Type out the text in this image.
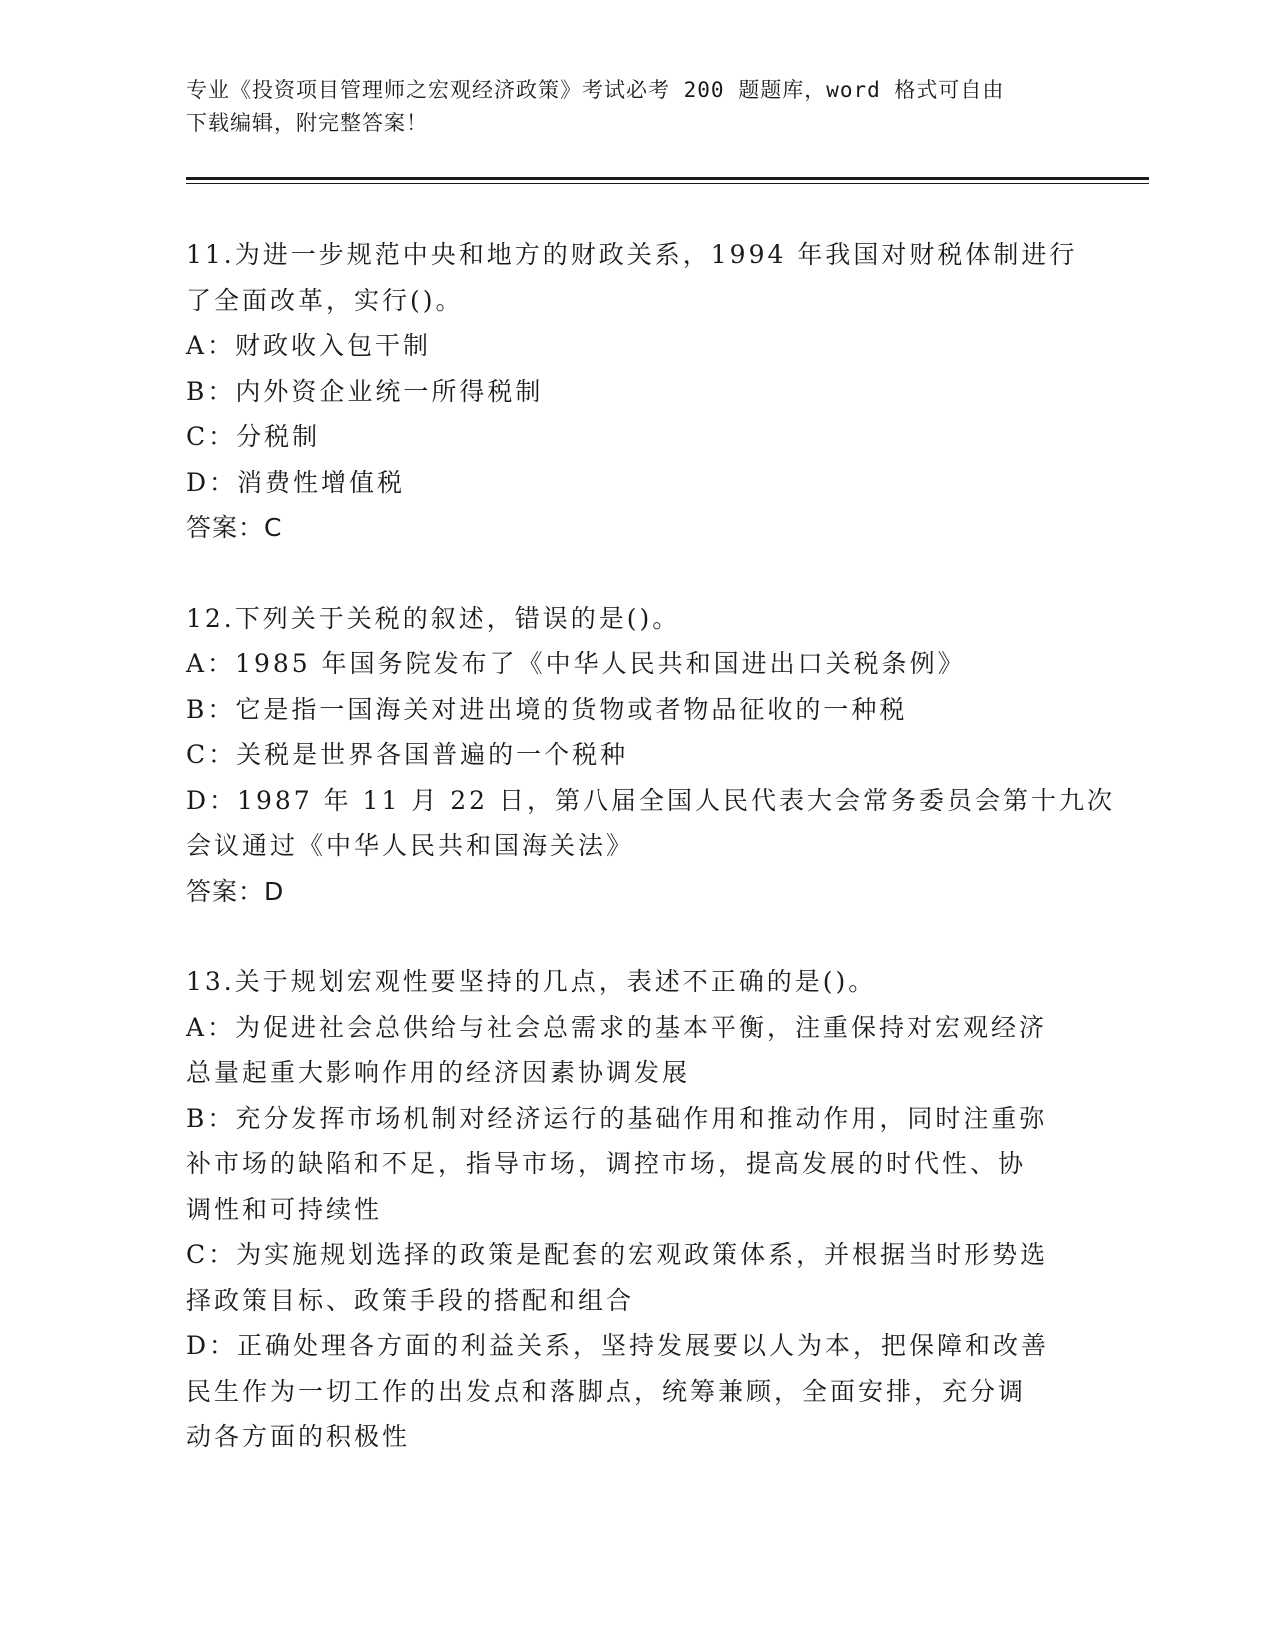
专业《投资项目管理师之宏观经济政策》考试必考 200 题题库，word 格式可自由
下载编辑，附完整答案！
11.为进一步规范中央和地方的财政关系，1994 年我国对财税体制进行
了全面改革，实行()。
A：财政收入包干制
B：内外资企业统一所得税制
C：分税制
D：消费性增值税
答案：C
12.下列关于关税的叙述，错误的是()。
A：1985 年国务院发布了《中华人民共和国进出口关税条例》
B：它是指一国海关对进出境的货物或者物品征收的一种税
C：关税是世界各国普遍的一个税种
D：1987 年 11 月 22 日，第八届全国人民代表大会常务委员会第十九次
会议通过《中华人民共和国海关法》
答案：D
13.关于规划宏观性要坚持的几点，表述不正确的是()。
A：为促进社会总供给与社会总需求的基本平衡，注重保持对宏观经济
总量起重大影响作用的经济因素协调发展
B：充分发挥市场机制对经济运行的基础作用和推动作用，同时注重弥
补市场的缺陷和不足，指导市场，调控市场，提高发展的时代性、协
调性和可持续性
C：为实施规划选择的政策是配套的宏观政策体系，并根据当时形势选
择政策目标、政策手段的搭配和组合
D：正确处理各方面的利益关系，坚持发展要以人为本，把保障和改善
民生作为一切工作的出发点和落脚点，统筹兼顾，全面安排，充分调
动各方面的积极性
